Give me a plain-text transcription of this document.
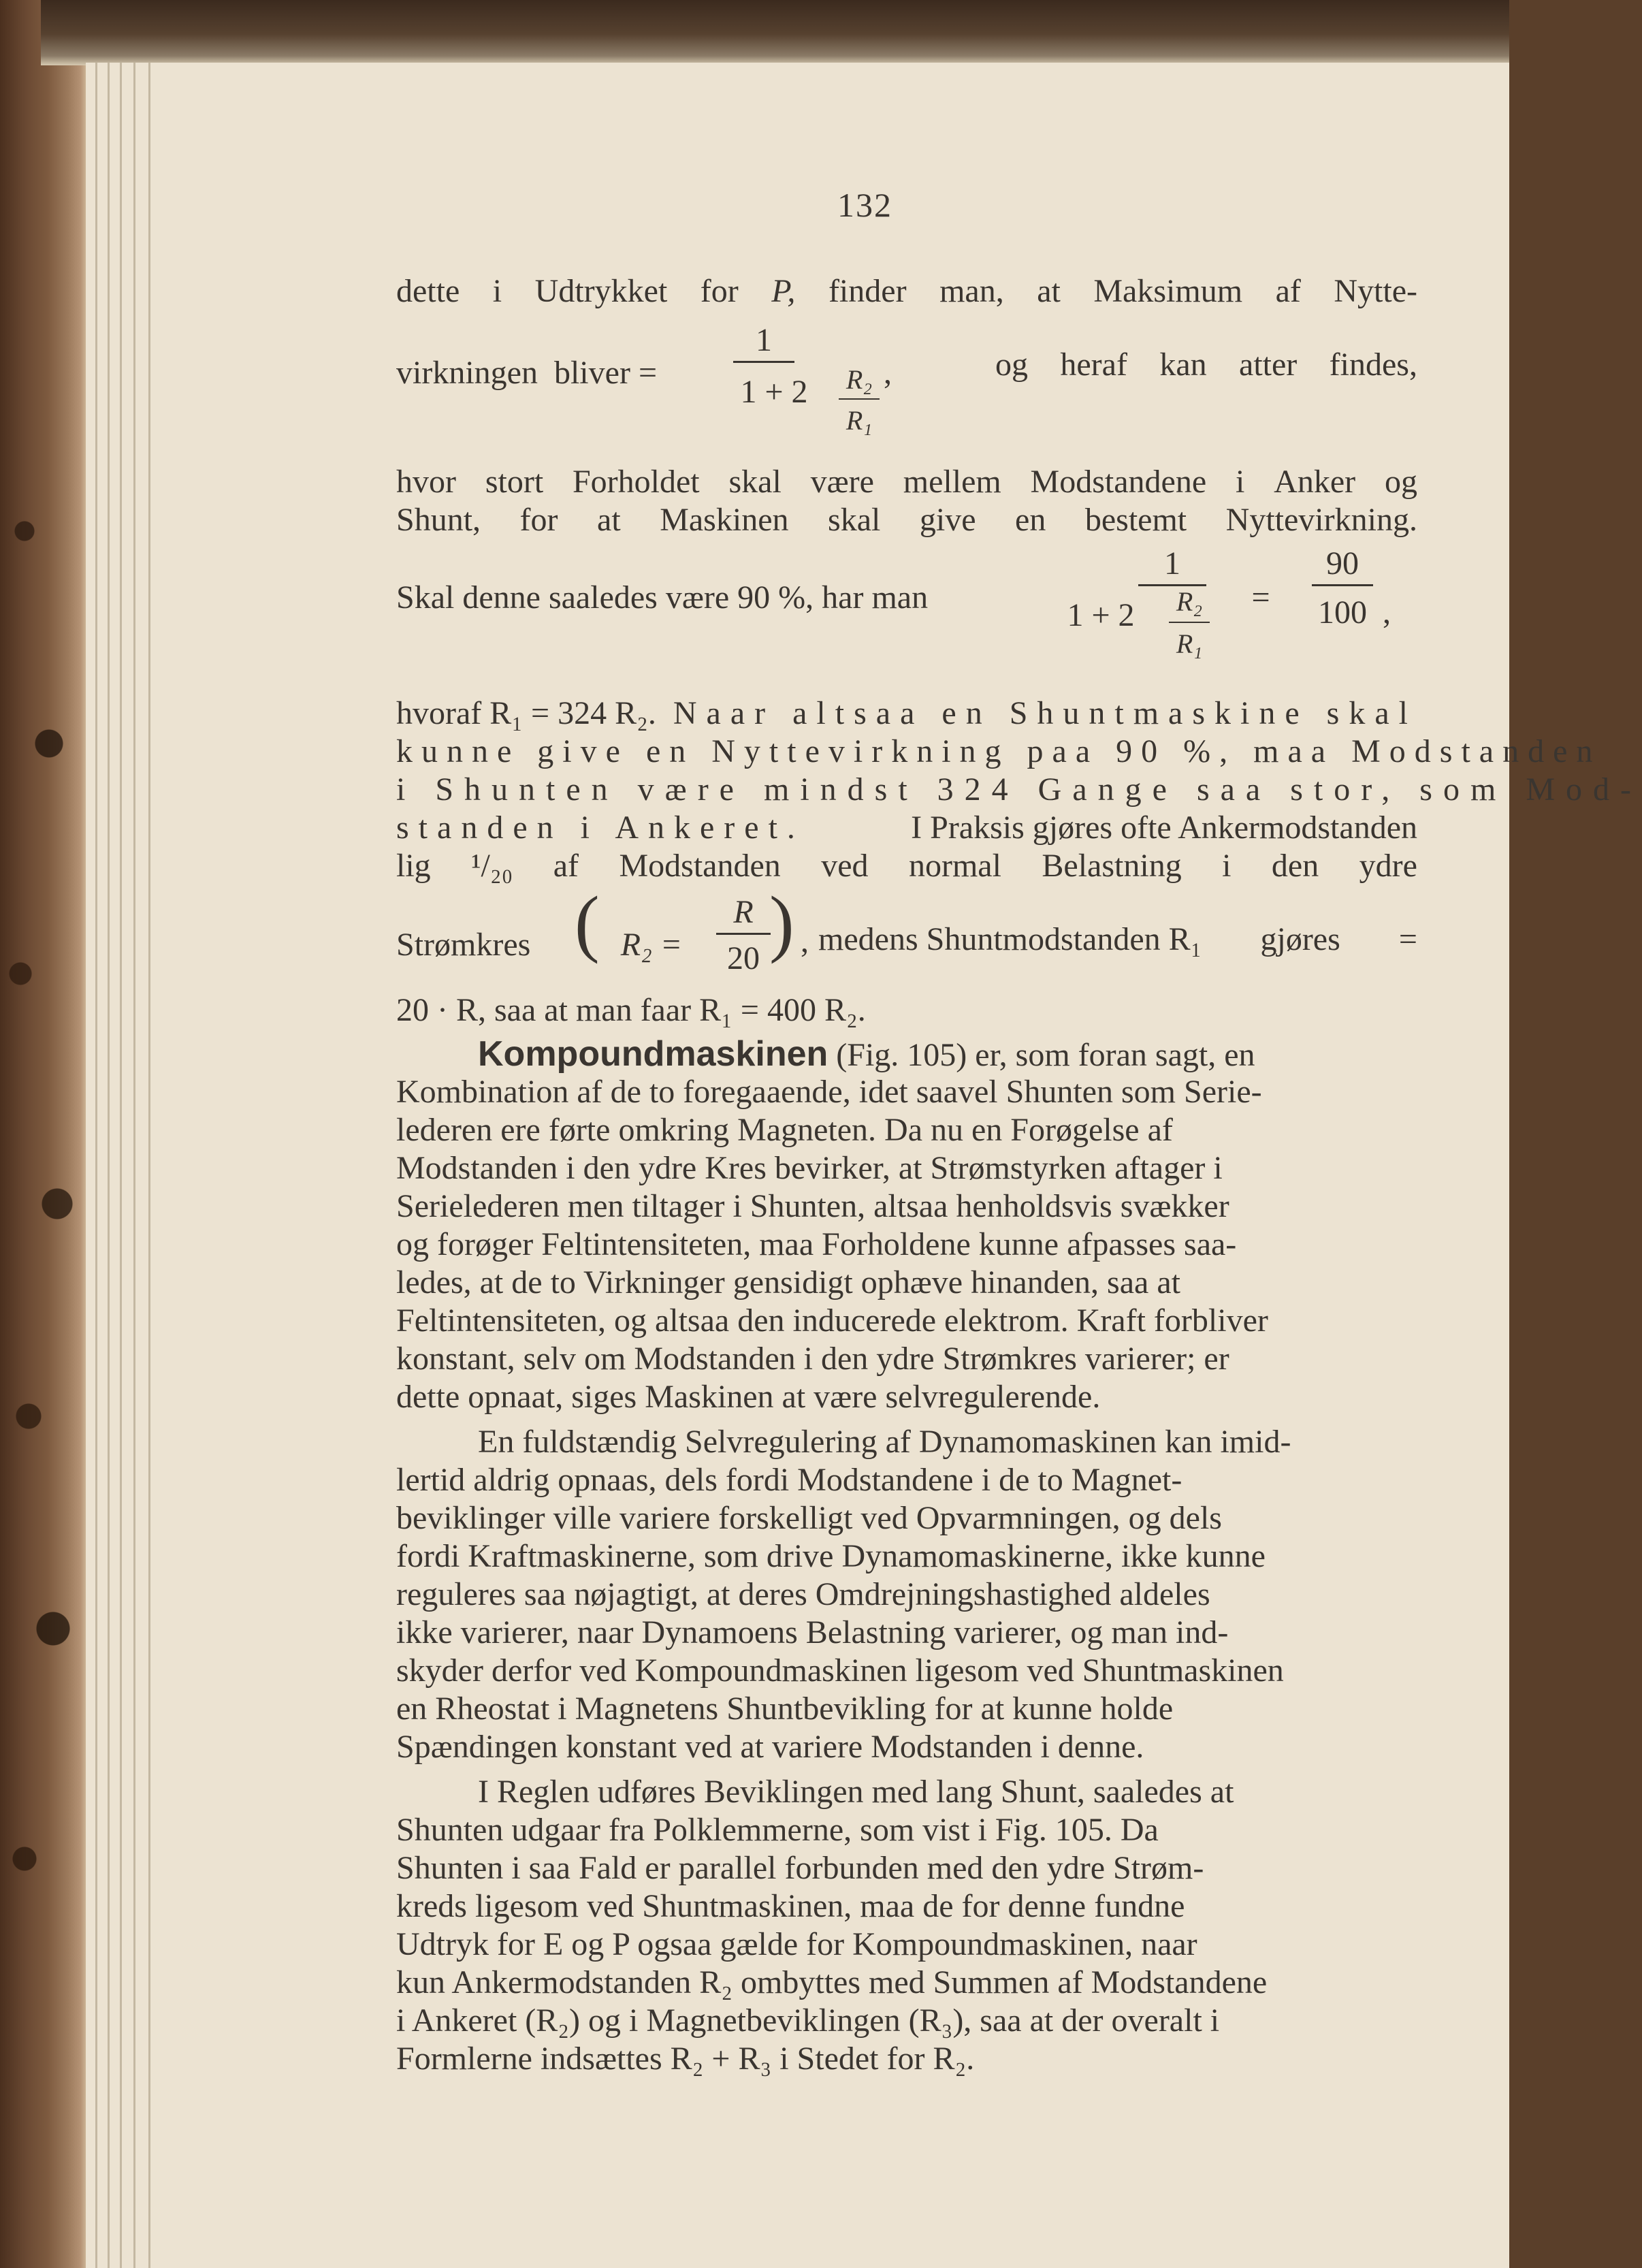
132
dette i Udtrykket for P, finder man, at Maksimum af Nytte-
virkningen bliver =
1
1 + 2	R₂
R₁
,	og heraf kan atter findes,
hvor stort Forholdet skal være mellem Modstandene i Anker og
Shunt, for at Maskinen skal give en bestemt Nyttevirkning.
Skal denne saaledes være 90 %, har man
1
1 + 2	R₂
R₁
=
90
100 ,
hvoraf R₁ = 324 R₂. Naar altsaa en Shuntmaskine skal
kunne give en Nyttevirkning paa 90 %, maa Modstanden
i Shunten være mindst 324 Gange saa stor, som Mod-
standen i Ankeret.	I Praksis gjøres ofte Ankermodstanden
lig ¹/₂₀ af Modstanden ved normal Belastning i den ydre
Strømkres ( R₂ =
R
20 ) , medens Shuntmodstanden R₁ gjøres =
20 · R, saa at man faar R₁ = 400 R₂.
Kompoundmaskinen (Fig. 105) er, som foran sagt, en
Kombination af de to foregaaende, idet saavel Shunten som Serie-
lederen ere førte omkring Magneten. Da nu en Forøgelse af
Modstanden i den ydre Kres bevirker, at Strømstyrken aftager i
Serielederen men tiltager i Shunten, altsaa henholdsvis svækker
og forøger Feltintensiteten, maa Forholdene kunne afpasses saa-
ledes, at de to Virkninger gensidigt ophæve hinanden, saa at
Feltintensiteten, og altsaa den inducerede elektrom. Kraft forbliver
konstant, selv om Modstanden i den ydre Strømkres varierer; er
dette opnaat, siges Maskinen at være selvregulerende.
En fuldstændig Selvregulering af Dynamomaskinen kan imid-
lertid aldrig opnaas, dels fordi Modstandene i de to Magnet-
beviklinger ville variere forskelligt ved Opvarmningen, og dels
fordi Kraftmaskinerne, som drive Dynamomaskinerne, ikke kunne
reguleres saa nøjagtigt, at deres Omdrejningshastighed aldeles
ikke varierer, naar Dynamoens Belastning varierer, og man ind-
skyder derfor ved Kompoundmaskinen ligesom ved Shuntmaskinen
en Rheostat i Magnetens Shuntbevikling for at kunne holde
Spændingen konstant ved at variere Modstanden i denne.
I Reglen udføres Beviklingen med lang Shunt, saaledes at
Shunten udgaar fra Polklemmerne, som vist i Fig. 105. Da
Shunten i saa Fald er parallel forbunden med den ydre Strøm-
kreds ligesom ved Shuntmaskinen, maa de for denne fundne
Udtryk for E og P ogsaa gælde for Kompoundmaskinen, naar
kun Ankermodstanden R₂ ombyttes med Summen af Modstandene
i Ankeret (R₂) og i Magnetbeviklingen (R₃), saa at der overalt i
Formlerne indsættes R₂ + R₃ i Stedet for R₂.
